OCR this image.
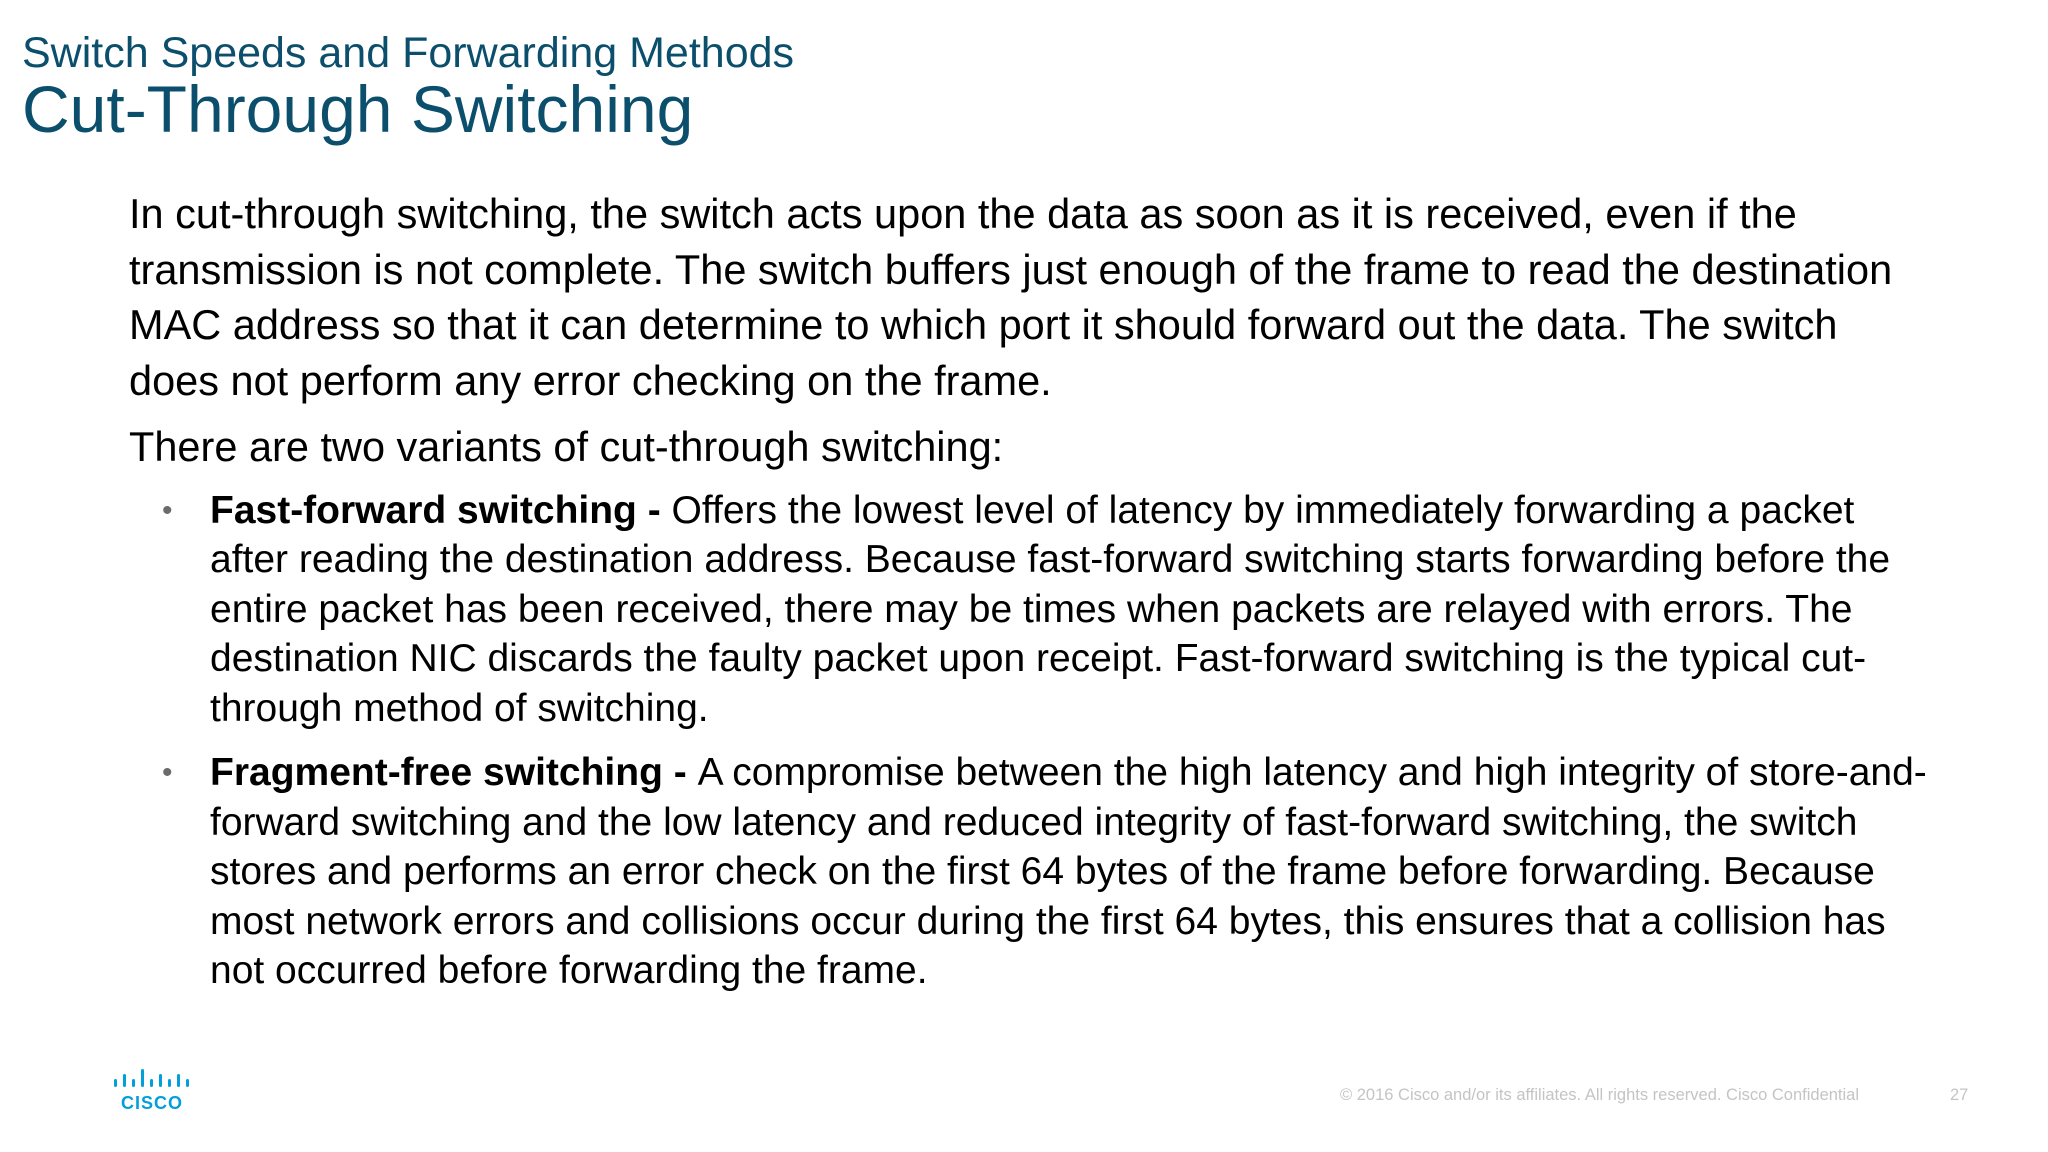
Switch Speeds and Forwarding Methods
Cut-Through Switching

In cut-through switching, the switch acts upon the data as soon as it is received, even if the transmission is not complete. The switch buffers just enough of the frame to read the destination MAC address so that it can determine to which port it should forward out the data. The switch does not perform any error checking on the frame.

There are two variants of cut-through switching:

• Fast-forward switching - Offers the lowest level of latency by immediately forwarding a packet after reading the destination address. Because fast-forward switching starts forwarding before the entire packet has been received, there may be times when packets are relayed with errors. The destination NIC discards the faulty packet upon receipt. Fast-forward switching is the typical cut-through method of switching.
• Fragment-free switching - A compromise between the high latency and high integrity of store-and-forward switching and the low latency and reduced integrity of fast-forward switching, the switch stores and performs an error check on the first 64 bytes of the frame before forwarding. Because most network errors and collisions occur during the first 64 bytes, this ensures that a collision has not occurred before forwarding the frame.
CISCO	© 2016 Cisco and/or its affiliates. All rights reserved. Cisco Confidential	27
